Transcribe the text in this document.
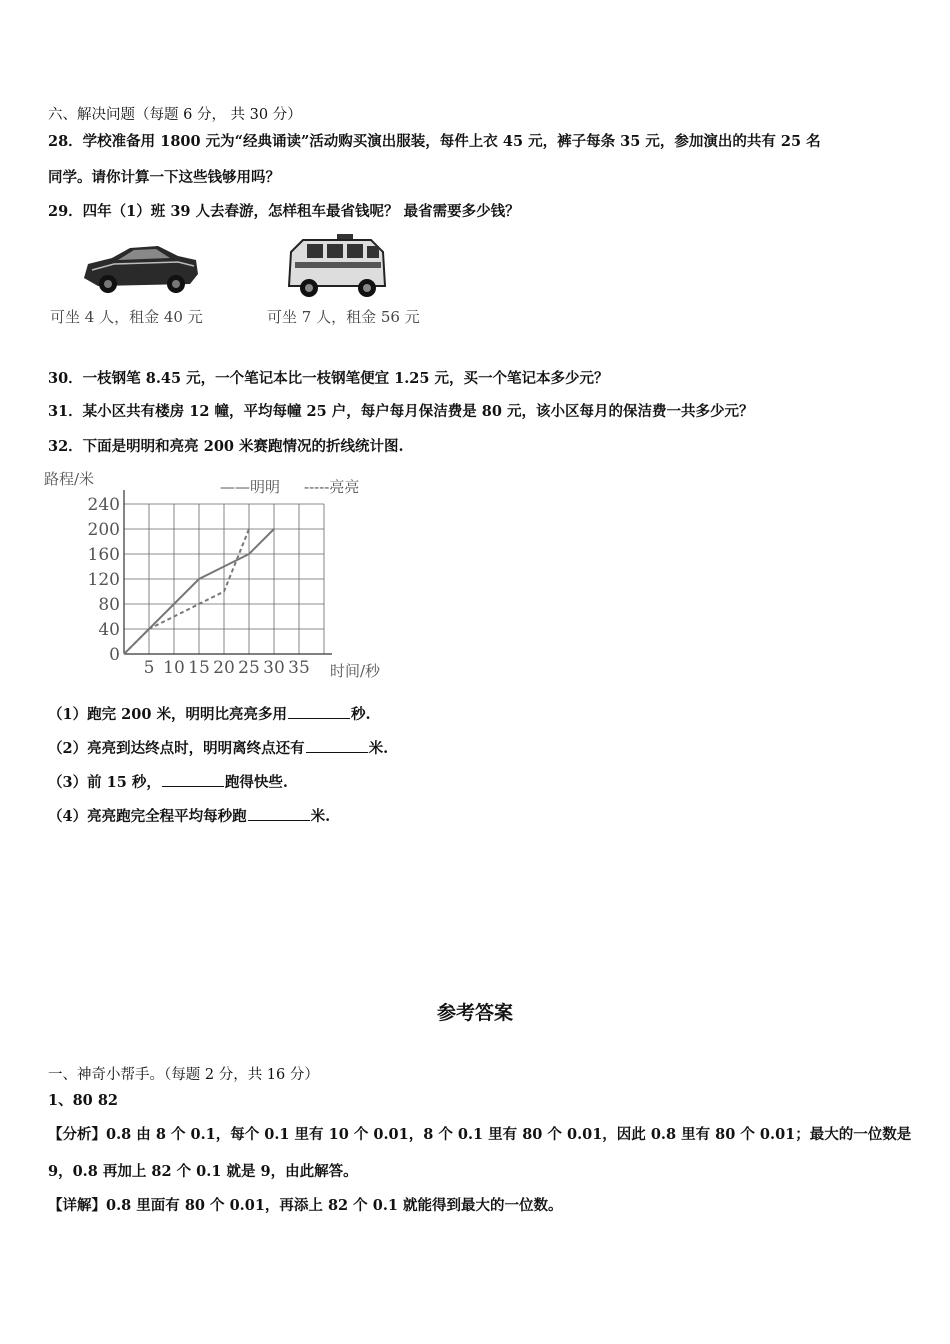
六、解决问题（每题 6 分， 共 30 分）
28．学校准备用 1800 元为“经典诵读”活动购买演出服装，每件上衣 45 元，裤子每条 35 元，参加演出的共有 25 名
同学。请你计算一下这些钱够用吗？
29．四年（1）班 39 人去春游，怎样租车最省钱呢？ 最省需要多少钱？
可坐 4 人，租金 40 元	可坐 7 人，租金 56 元
30．一枝钢笔 8.45 元，一个笔记本比一枝钢笔便宜 1.25 元，买一个笔记本多少元？
31．某小区共有楼房 12 幢，平均每幢 25 户，每户每月保洁费是 80 元，该小区每月的保洁费一共多少元？
32．下面是明明和亮亮 200 米赛跑情况的折线统计图.
路程/米	——明明 -----亮亮
时间/秒
0
40
80
120
160
200
240
5 10 15 20 25 30 35
（1）跑完 200 米，明明比亮亮多用	秒.
（2）亮亮到达终点时，明明离终点还有	米.
（3）前 15 秒，	跑得快些.
（4）亮亮跑完全程平均每秒跑	米.
参考答案
一、神奇小帮手。（每题 2 分，共 16 分）
1、80 82
【分析】0.8 由 8 个 0.1，每个 0.1 里有 10 个 0.01，8 个 0.1 里有 80 个 0.01，因此 0.8 里有 80 个 0.01；最大的一位数是
9，0.8 再加上 82 个 0.1 就是 9，由此解答。
【详解】0.8 里面有 80 个 0.01，再添上 82 个 0.1 就能得到最大的一位数。
